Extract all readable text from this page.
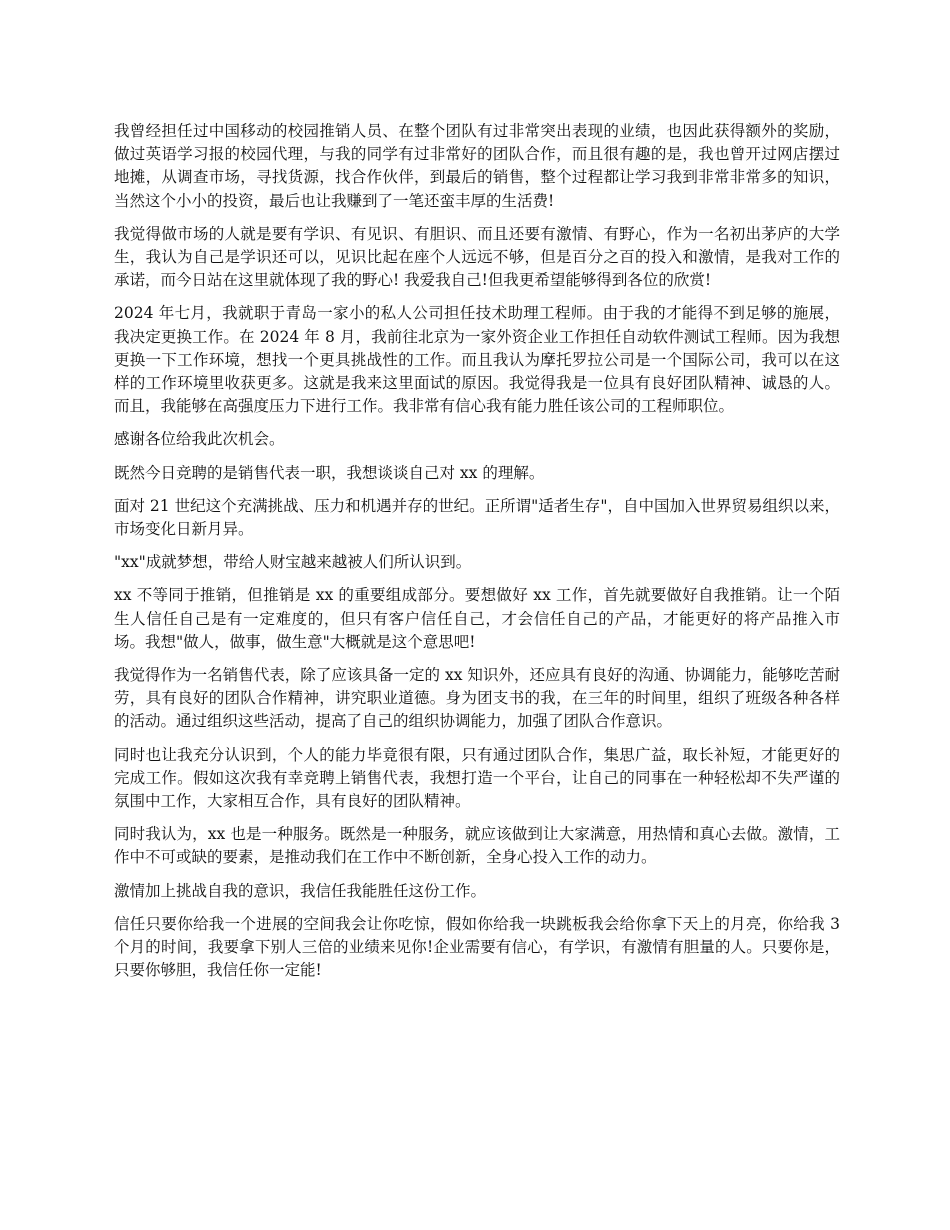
我曾经担任过中国移动的校园推销人员、在整个团队有过非常突出表现的业绩，也因此获得额外的奖励，做过英语学习报的校园代理，与我的同学有过非常好的团队合作，而且很有趣的是，我也曾开过网店摆过地摊，从调查市场，寻找货源，找合作伙伴，到最后的销售，整个过程都让学习我到非常非常多的知识，当然这个小小的投资，最后也让我赚到了一笔还蛮丰厚的生活费!

我觉得做市场的人就是要有学识、有见识、有胆识、而且还要有激情、有野心，作为一名初出茅庐的大学生，我认为自己是学识还可以，见识比起在座个人远远不够，但是百分之百的投入和激情，是我对工作的承诺，而今日站在这里就体现了我的野心! 我爱我自己!但我更希望能够得到各位的欣赏!

2024 年七月，我就职于青岛一家小的私人公司担任技术助理工程师。由于我的才能得不到足够的施展，我决定更换工作。在 2024 年 8 月，我前往北京为一家外资企业工作担任自动软件测试工程师。因为我想更换一下工作环境，想找一个更具挑战性的工作。而且我认为摩托罗拉公司是一个国际公司，我可以在这样的工作环境里收获更多。这就是我来这里面试的原因。我觉得我是一位具有良好团队精神、诚恳的人。而且，我能够在高强度压力下进行工作。我非常有信心我有能力胜任该公司的工程师职位。

感谢各位给我此次机会。

既然今日竞聘的是销售代表一职，我想谈谈自己对 xx 的理解。

面对 21 世纪这个充满挑战、压力和机遇并存的世纪。正所谓"适者生存"，自中国加入世界贸易组织以来，市场变化日新月异。

"xx"成就梦想，带给人财宝越来越被人们所认识到。

xx 不等同于推销，但推销是 xx 的重要组成部分。要想做好 xx 工作，首先就要做好自我推销。让一个陌生人信任自己是有一定难度的，但只有客户信任自己，才会信任自己的产品，才能更好的将产品推入市场。我想"做人，做事，做生意"大概就是这个意思吧!

我觉得作为一名销售代表，除了应该具备一定的 xx 知识外，还应具有良好的沟通、协调能力，能够吃苦耐劳，具有良好的团队合作精神，讲究职业道德。身为团支书的我，在三年的时间里，组织了班级各种各样的活动。通过组织这些活动，提高了自己的组织协调能力，加强了团队合作意识。

同时也让我充分认识到，个人的能力毕竟很有限，只有通过团队合作，集思广益，取长补短，才能更好的完成工作。假如这次我有幸竞聘上销售代表，我想打造一个平台，让自己的同事在一种轻松却不失严谨的氛围中工作，大家相互合作，具有良好的团队精神。

同时我认为，xx 也是一种服务。既然是一种服务，就应该做到让大家满意，用热情和真心去做。激情，工作中不可或缺的要素，是推动我们在工作中不断创新，全身心投入工作的动力。

激情加上挑战自我的意识，我信任我能胜任这份工作。

信任只要你给我一个进展的空间我会让你吃惊，假如你给我一块跳板我会给你拿下天上的月亮，你给我 3 个月的时间，我要拿下别人三倍的业绩来见你!企业需要有信心，有学识，有激情有胆量的人。只要你是，只要你够胆，我信任你一定能!
